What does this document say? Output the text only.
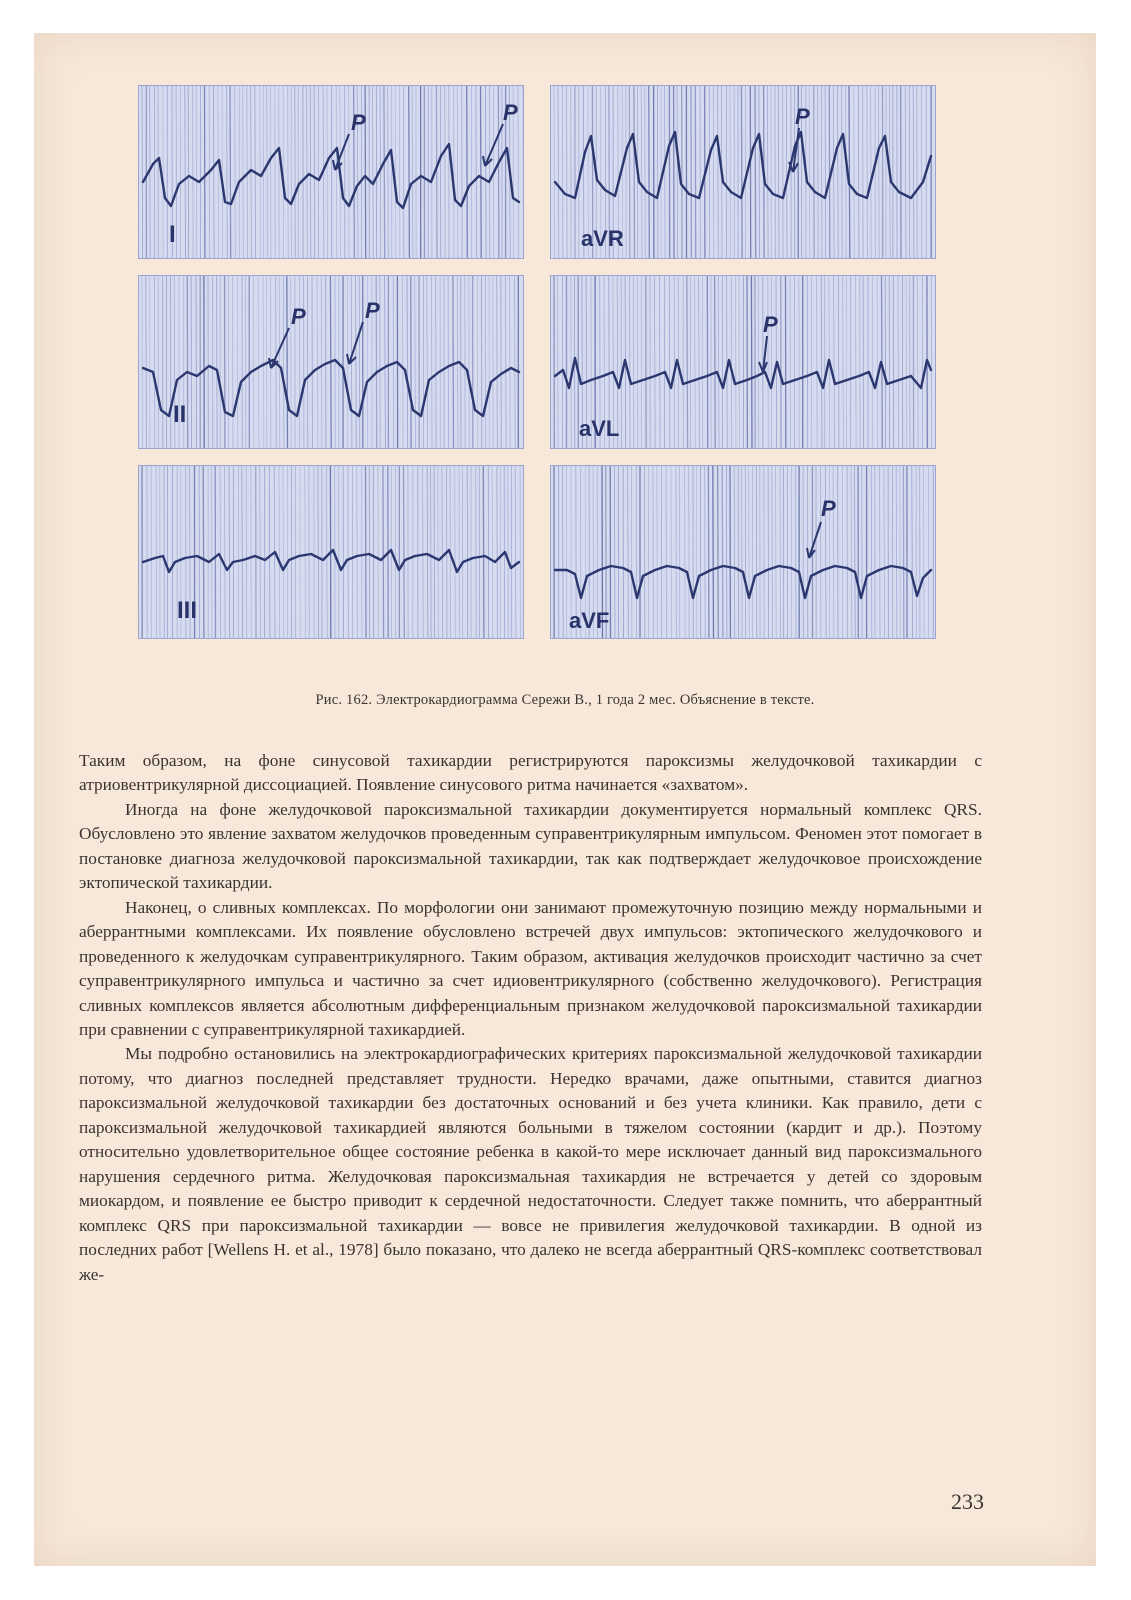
P	P
I
P
aVR
P	P
II
P
aVL
III
P
aVF
Рис. 162. Электрокардиограмма Сережи В., 1 года 2 мес. Объяснение в тексте.

Таким образом, на фоне синусовой тахикардии регистрируются пароксизмы желудочковой тахикардии с атриовентрикулярной диссоциацией. Появление синусового ритма начинается «захватом».

Иногда на фоне желудочковой пароксизмальной тахикардии документируется нормальный комплекс QRS. Обусловлено это явление захватом желудочков проведенным суправентрикулярным импульсом. Феномен этот помогает в постановке диагноза желудочковой пароксизмальной тахикардии, так как подтверждает желудочковое происхождение эктопической тахикардии.

Наконец, о сливных комплексах. По морфологии они занимают промежуточную позицию между нормальными и аберрантными комплексами. Их появление обусловлено встречей двух импульсов: эктопического желудочкового и проведенного к желудочкам суправентрикулярного. Таким образом, активация желудочков происходит частично за счет суправентрикулярного импульса и частично за счет идиовентрикулярного (собственно желудочкового). Регистрация сливных комплексов является абсолютным дифференциальным признаком желудочковой пароксизмальной тахикардии при сравнении с суправентрикулярной тахикардией.

Мы подробно остановились на электрокардиографических критериях пароксизмальной желудочковой тахикардии потому, что диагноз последней представляет трудности. Нередко врачами, даже опытными, ставится диагноз пароксизмальной желудочковой тахикардии без достаточных оснований и без учета клиники. Как правило, дети с пароксизмальной желудочковой тахикардией являются больными в тяжелом состоянии (кардит и др.). Поэтому относительно удовлетворительное общее состояние ребенка в какой-то мере исключает данный вид пароксизмального нарушения сердечного ритма. Желудочковая пароксизмальная тахикардия не встречается у детей со здоровым миокардом, и появление ее быстро приводит к сердечной недостаточности. Следует также помнить, что аберрантный комплекс QRS при пароксизмальной тахикардии — вовсе не привилегия желудочковой тахикардии. В одной из последних работ [Wellens H. et al., 1978] было показано, что далеко не всегда аберрантный QRS-комплекс соответствовал же-

233
